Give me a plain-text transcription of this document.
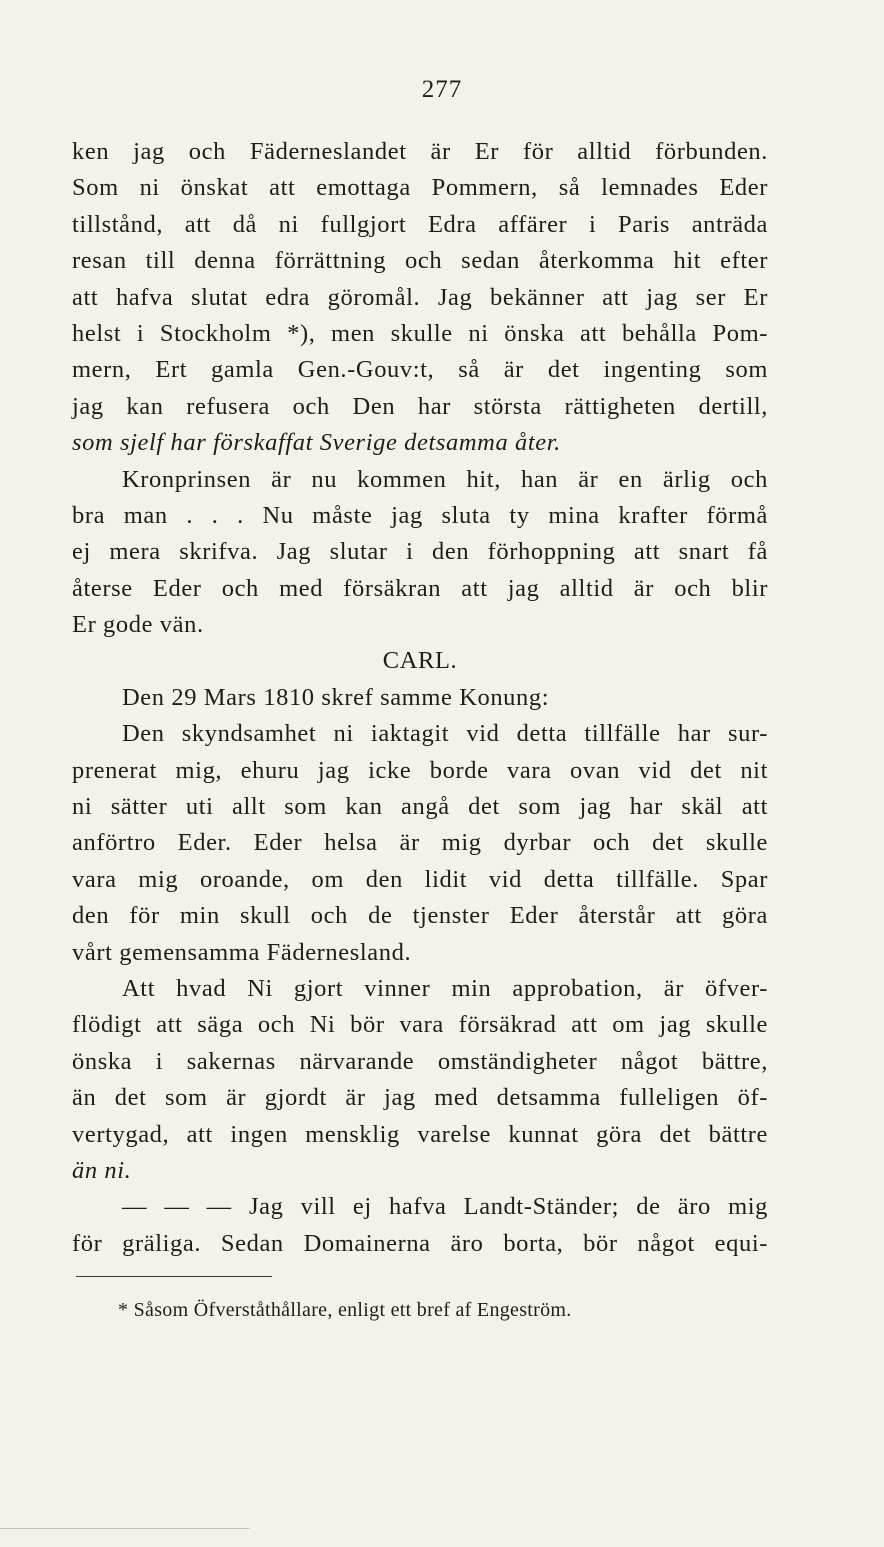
277
ken jag och Fäderneslandet är Er för alltid förbunden.
Som ni önskat att emottaga Pommern, så lemnades Eder
tillstånd, att då ni fullgjort Edra affärer i Paris anträda
resan till denna förrättning och sedan återkomma hit efter
att hafva slutat edra göromål. Jag bekänner att jag ser Er
helst i Stockholm *), men skulle ni önska att behålla Pom-
mern, Ert gamla Gen.-Gouv:t, så är det ingenting som
jag kan refusera och Den har största rättigheten dertill,
som sjelf har förskaffat Sverige detsamma åter.
Kronprinsen är nu kommen hit, han är en ärlig och
bra man . . . Nu måste jag sluta ty mina krafter förmå
ej mera skrifva. Jag slutar i den förhoppning att snart få
återse Eder och med försäkran att jag alltid är och blir
Er gode vän.
CARL.
Den 29 Mars 1810 skref samme Konung:
Den skyndsamhet ni iaktagit vid detta tillfälle har sur-
prenerat mig, ehuru jag icke borde vara ovan vid det nit
ni sätter uti allt som kan angå det som jag har skäl att
anförtro Eder. Eder helsa är mig dyrbar och det skulle
vara mig oroande, om den lidit vid detta tillfälle. Spar
den för min skull och de tjenster Eder återstår att göra
vårt gemensamma Fädernesland.
Att hvad Ni gjort vinner min approbation, är öfver-
flödigt att säga och Ni bör vara försäkrad att om jag skulle
önska i sakernas närvarande omständigheter något bättre,
än det som är gjordt är jag med detsamma fulleligen öf-
vertygad, att ingen mensklig varelse kunnat göra det bättre
än ni.
— — — Jag vill ej hafva Landt-Ständer; de äro mig
för gräliga. Sedan Domainerna äro borta, bör något equi-
* Såsom Öfverståthållare, enligt ett bref af Engeström.
